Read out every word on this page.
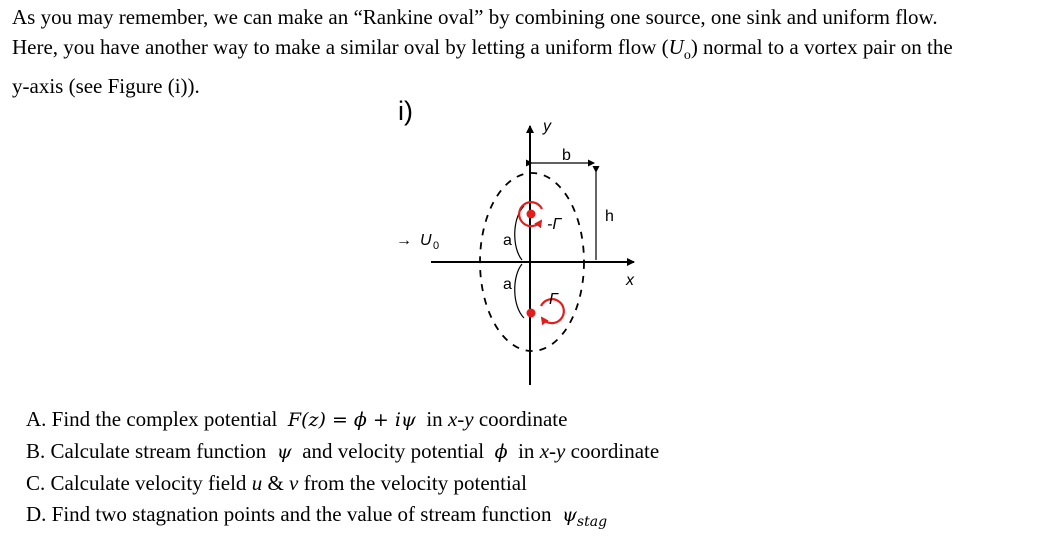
As you may remember, we can make an “Rankine oval” by combining one source, one sink and uniform flow.

Here, you have another way to make a similar oval by letting a uniform flow $(U_o)$ normal to a vortex pair on the

y-axis (see Figure (i)).

i)
→ U 0
y
x
b
h
a
a
-Γ
Γ
A. Find the complex potential F(z) = ϕ + iψ in x-y coordinate
B. Calculate stream function ψ and velocity potential ϕ in x-y coordinate
C. Calculate velocity field u & v from the velocity potential
D. Find two stagnation points and the value of stream function $\psi_{stag}$
